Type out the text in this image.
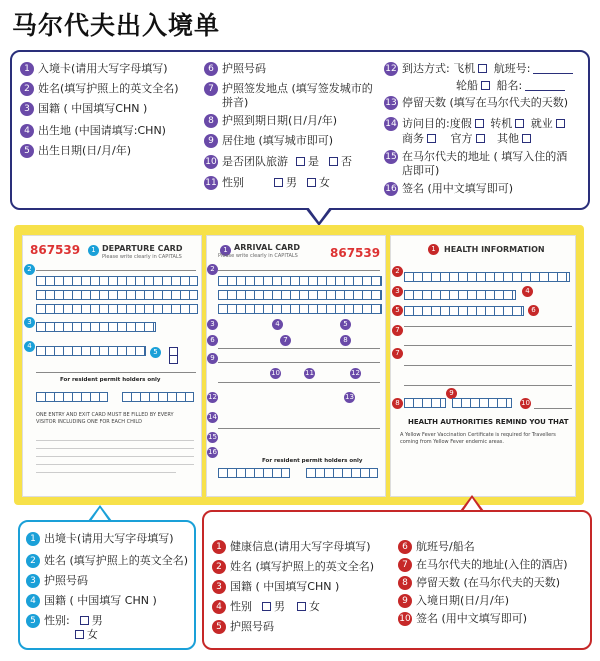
马尔代夫出入境单
1 入境卡(请用大写字母填写)
2 姓名(填写护照上的英文全名)
3 国籍 ( 中国填写CHN )
4 出生地 (中国请填写:CHN)
5 出生日期(日/月/年)
6 护照号码
7 护照签发地点 (填写签发城市的
拼音)
8 护照到期日期(日/月/年)
9 居住地 (填写城市即可)
10 是否团队旅游 是 否
11 性别	男 女
12 到达方式: 飞机 航班号:
轮船 船名:
13 停留天数 (填写在马尔代夫的天数)
14 访问目的:度假 转机 就业
商务 官方 其他
15 在马尔代夫的地址 ( 填写入住的酒
店即可)
16 签名 (用中文填写即可)
867539	1 DEPARTURE CARD
Please write clearly in CAPITALS
2
3
4
5
For resident permit holders only
ONE ENTRY AND EXIT CARD MUST BE FILLED BY EVERY VISITOR INCLUDING ONE FOR EACH CHILD
1 ARRIVAL CARD
Please write clearly in CAPITALS	867539
2
3	4	5
6	7	8
9
10	11	12
12	13
14
15
16
For resident permit holders only
1	HEALTH INFORMATION
2
3	4
5	6
7
7
9
8	10
HEALTH AUTHORITIES REMIND YOU THAT
A Yellow Fever Vaccination Certificate is required for Travellers coming from Yellow Fever endemic areas.
1 出境卡(请用大写字母填写)
2 姓名 (填写护照上的英文全名)
3 护照号码
4 国籍 ( 中国填写 CHN )
5 性别: 男
女
1 健康信息(请用大写字母填写)
2 姓名 (填写护照上的英文全名)
3 国籍 ( 中国填写CHN )
4 性别 男 女
5 护照号码
6 航班号/船名
7 在马尔代夫的地址(入住的酒店)
8 停留天数 (在马尔代夫的天数)
9 入境日期(日/月/年)
10 签名 (用中文填写即可)
